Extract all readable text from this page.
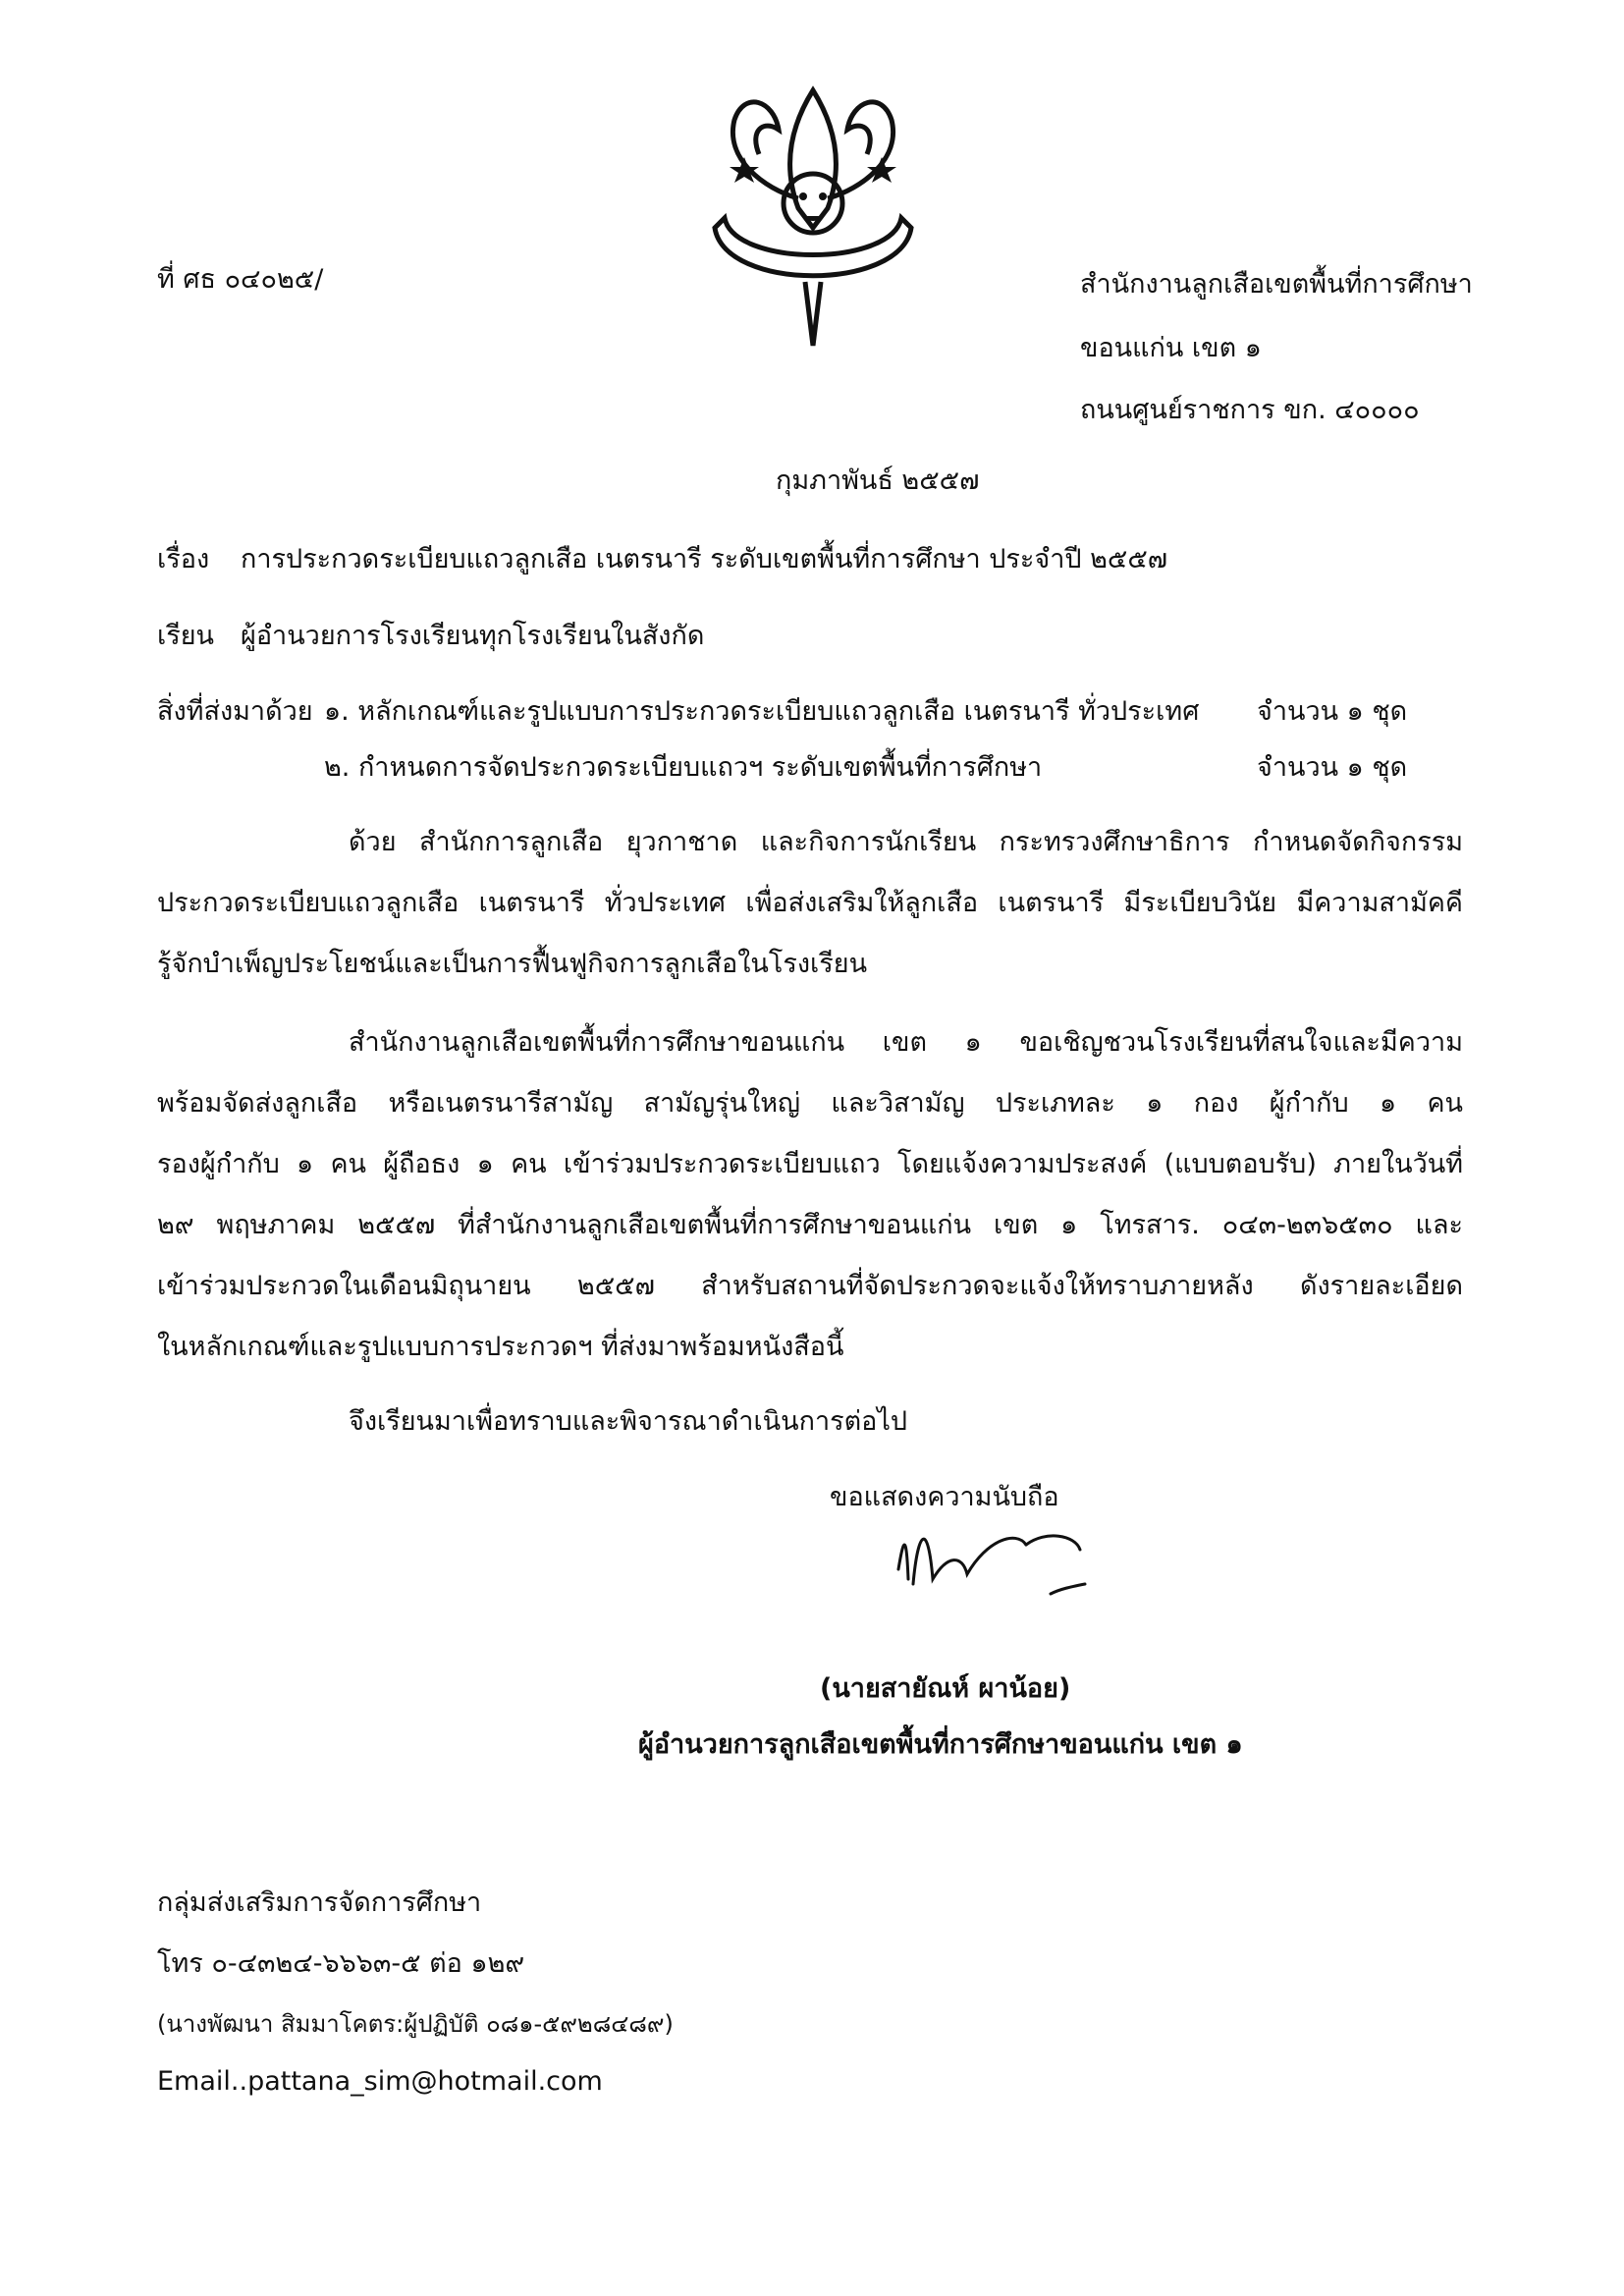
ที่ ศธ ๐๔๐๒๕/	สำนักงานลูกเสือเขตพื้นที่การศึกษา
ขอนแก่น เขต ๑
ถนนศูนย์ราชการ ขก. ๔๐๐๐๐
กุมภาพันธ์ ๒๕๕๗
เรื่อง การประกวดระเบียบแถวลูกเสือ เนตรนารี ระดับเขตพื้นที่การศึกษา ประจำปี ๒๕๕๗
เรียน ผู้อำนวยการโรงเรียนทุกโรงเรียนในสังกัด
สิ่งที่ส่งมาด้วย ๑. หลักเกณฑ์และรูปแบบการประกวดระเบียบแถวลูกเสือ เนตรนารี ทั่วประเทศ จำนวน ๑ ชุด
๒. กำหนดการจัดประกวดระเบียบแถวฯ ระดับเขตพื้นที่การศึกษา	จำนวน ๑ ชุด
ด้วย สำนักการลูกเสือ ยุวกาชาด และกิจการนักเรียน กระทรวงศึกษาธิการ กำหนดจัดกิจกรรม
ประกวดระเบียบแถวลูกเสือ เนตรนารี ทั่วประเทศ เพื่อส่งเสริมให้ลูกเสือ เนตรนารี มีระเบียบวินัย มีความสามัคคี
รู้จักบำเพ็ญประโยชน์และเป็นการฟื้นฟูกิจการลูกเสือในโรงเรียน
สำนักงานลูกเสือเขตพื้นที่การศึกษาขอนแก่น เขต ๑ ขอเชิญชวนโรงเรียนที่สนใจและมีความ
พร้อมจัดส่งลูกเสือ หรือเนตรนารีสามัญ สามัญรุ่นใหญ่ และวิสามัญ ประเภทละ ๑ กอง ผู้กำกับ ๑ คน
รองผู้กำกับ ๑ คน ผู้ถือธง ๑ คน เข้าร่วมประกวดระเบียบแถว โดยแจ้งความประสงค์ (แบบตอบรับ) ภายในวันที่
๒๙ พฤษภาคม ๒๕๕๗ ที่สำนักงานลูกเสือเขตพื้นที่การศึกษาขอนแก่น เขต ๑ โทรสาร. ๐๔๓-๒๓๖๕๓๐ และ
เข้าร่วมประกวดในเดือนมิถุนายน ๒๕๕๗ สำหรับสถานที่จัดประกวดจะแจ้งให้ทราบภายหลัง ดังรายละเอียด
ในหลักเกณฑ์และรูปแบบการประกวดฯ ที่ส่งมาพร้อมหนังสือนี้
จึงเรียนมาเพื่อทราบและพิจารณาดำเนินการต่อไป
ขอแสดงความนับถือ
(นายสายัณห์ ผาน้อย)
ผู้อำนวยการลูกเสือเขตพื้นที่การศึกษาขอนแก่น เขต ๑
กลุ่มส่งเสริมการจัดการศึกษา
โทร ๐-๔๓๒๔-๖๖๖๓-๕ ต่อ ๑๒๙
(นางพัฒนา สิมมาโคตร:ผู้ปฏิบัติ ๐๘๑-๕๙๒๘๔๘๙)
Email..pattana_sim@hotmail.com
